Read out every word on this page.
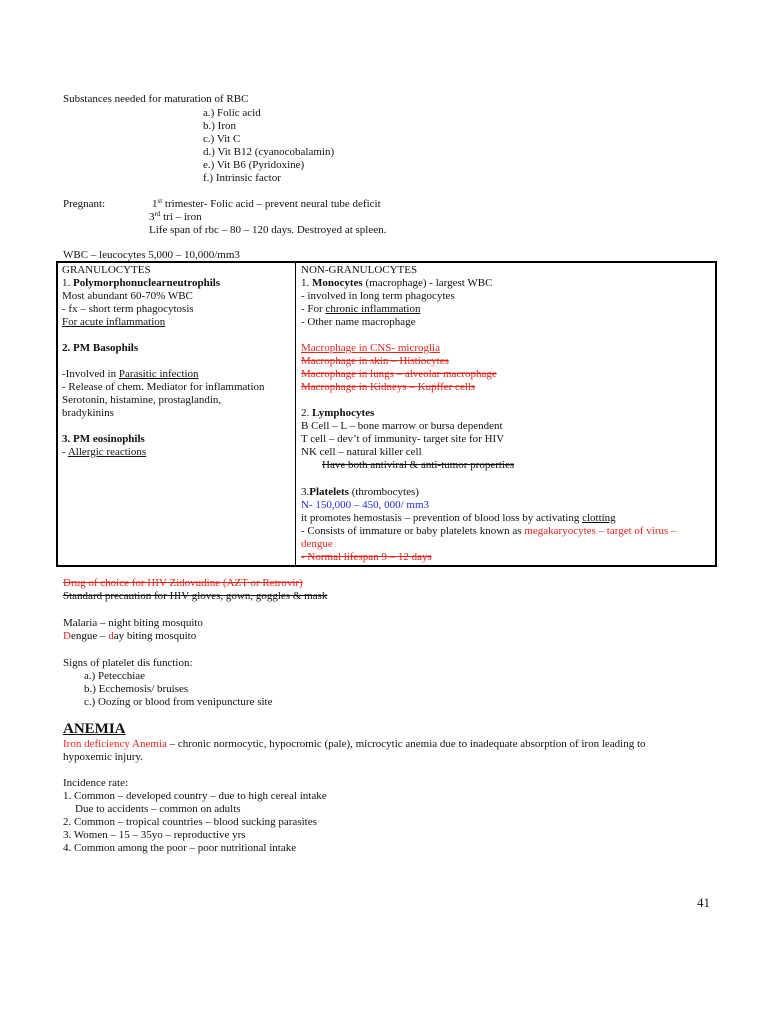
Substances needed for maturation of RBC
a.) Folic acid
b.) Iron
c.) Vit C
d.) Vit B12 (cyanocobalamin)
e.) Vit B6 (Pyridoxine)
f.) Intrinsic factor
Pregnant:	1st trimester- Folic acid – prevent neural tube deficit
3rd tri – iron
Life span of rbc – 80 – 120 days. Destroyed at spleen.
WBC – leucocytes 5,000 – 10,000/mm3
GRANULOCYTES
1. Polymorphonuclearneutrophils
Most abundant 60-70% WBC
- fx – short term phagocytosis
For acute inflammation
2. PM Basophils
-Involved in Parasitic infection
- Release of chem. Mediator for inflammation
Serotonin, histamine, prostaglandin,
bradykinins
3. PM eosinophils
- Allergic reactions
NON-GRANULOCYTES
1. Monocytes (macrophage) - largest WBC
- involved in long term phagocytes
- For chronic inflammation
- Other name macrophage
Macrophage in CNS- microglia
Macrophage in skin – Histiocytes
Macrophage in lungs – alveolar macrophage
Macrophage in Kidneys – Kupffer cells
2. Lymphocytes
B Cell – L – bone marrow or bursa dependent
T cell – dev’t of immunity- target site for HIV
NK cell – natural killer cell
Have both antiviral & anti-tumor properties
3.Platelets (thrombocytes)
N- 150,000 – 450, 000/ mm3
it promotes hemostasis – prevention of blood loss by activating clotting
- Consists of immature or baby platelets known as megakaryocytes – target of virus –
dengue
- Normal lifespan 9 – 12 days
Drug of choice for HIV Zidovudine (AZT or Retrovir)
Standard precaution for HIV gloves, gown, goggles & mask
Malaria – night biting mosquito
Dengue – day biting mosquito
Signs of platelet dis function:
a.) Petecchiae
b.) Ecchemosis/ bruises
c.) Oozing or blood from venipuncture site
ANEMIA
Iron deficiency Anemia – chronic normocytic, hypocromic (pale), microcytic anemia due to inadequate absorption of iron leading to
hypoxemic injury.
Incidence rate:
1. Common – developed country – due to high cereal intake
Due to accidents – common on adults
2. Common – tropical countries – blood sucking parasites
3. Women – 15 – 35yo – reproductive yrs
4. Common among the poor – poor nutritional intake
41
